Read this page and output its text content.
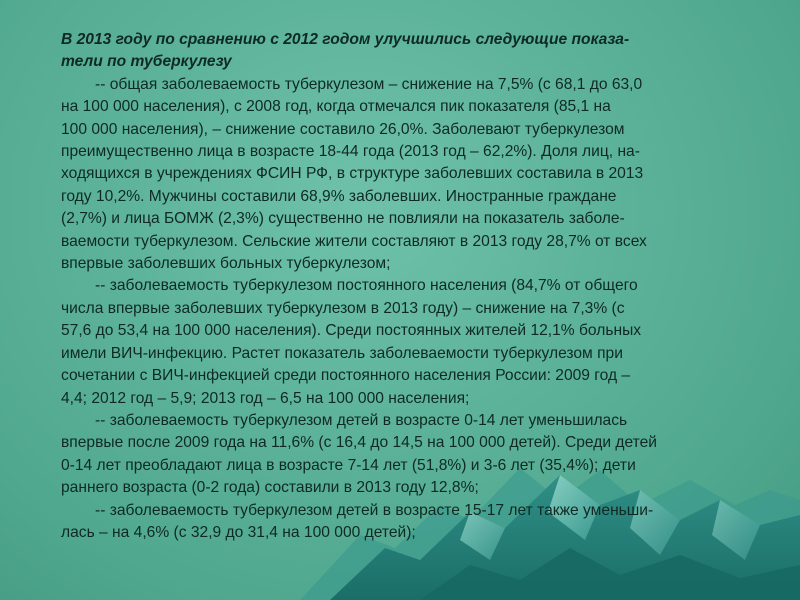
В 2013 году по сравнению с 2012 годом улучшились следующие показа-
тели по туберкулезу

-- общая заболеваемость туберкулезом – снижение на 7,5% (с 68,1 до 63,0
на 100 000 населения), с 2008 год, когда отмечался пик показателя (85,1 на
100 000 населения), – снижение составило 26,0%. Заболевают туберкулезом
преимущественно лица в возрасте 18-44 года (2013 год – 62,2%). Доля лиц, на-
ходящихся в учреждениях ФСИН РФ, в структуре заболевших составила в 2013
году 10,2%. Мужчины составили 68,9% заболевших. Иностранные граждане
(2,7%) и лица БОМЖ (2,3%) существенно не повлияли на показатель заболе-
ваемости туберкулезом. Сельские жители составляют в 2013 году 28,7% от всех
впервые заболевших больных туберкулезом;
-- заболеваемость туберкулезом постоянного населения (84,7% от общего
числа впервые заболевших туберкулезом в 2013 году) – снижение на 7,3% (с
57,6 до 53,4 на 100 000 населения). Среди постоянных жителей 12,1% больных
имели ВИЧ-инфекцию. Растет показатель заболеваемости туберкулезом при
сочетании с ВИЧ-инфекцией среди постоянного населения России: 2009 год –
4,4; 2012 год – 5,9; 2013 год – 6,5 на 100 000 населения;
-- заболеваемость туберкулезом детей в возрасте 0-14 лет уменьшилась
впервые после 2009 года на 11,6% (с 16,4 до 14,5 на 100 000 детей). Среди детей
0-14 лет преобладают лица в возрасте 7-14 лет (51,8%) и 3-6 лет (35,4%); дети
раннего возраста (0-2 года) составили в 2013 году 12,8%;
-- заболеваемость туберкулезом детей в возрасте 15-17 лет также уменьши-
лась – на 4,6% (с 32,9 до 31,4 на 100 000 детей);
